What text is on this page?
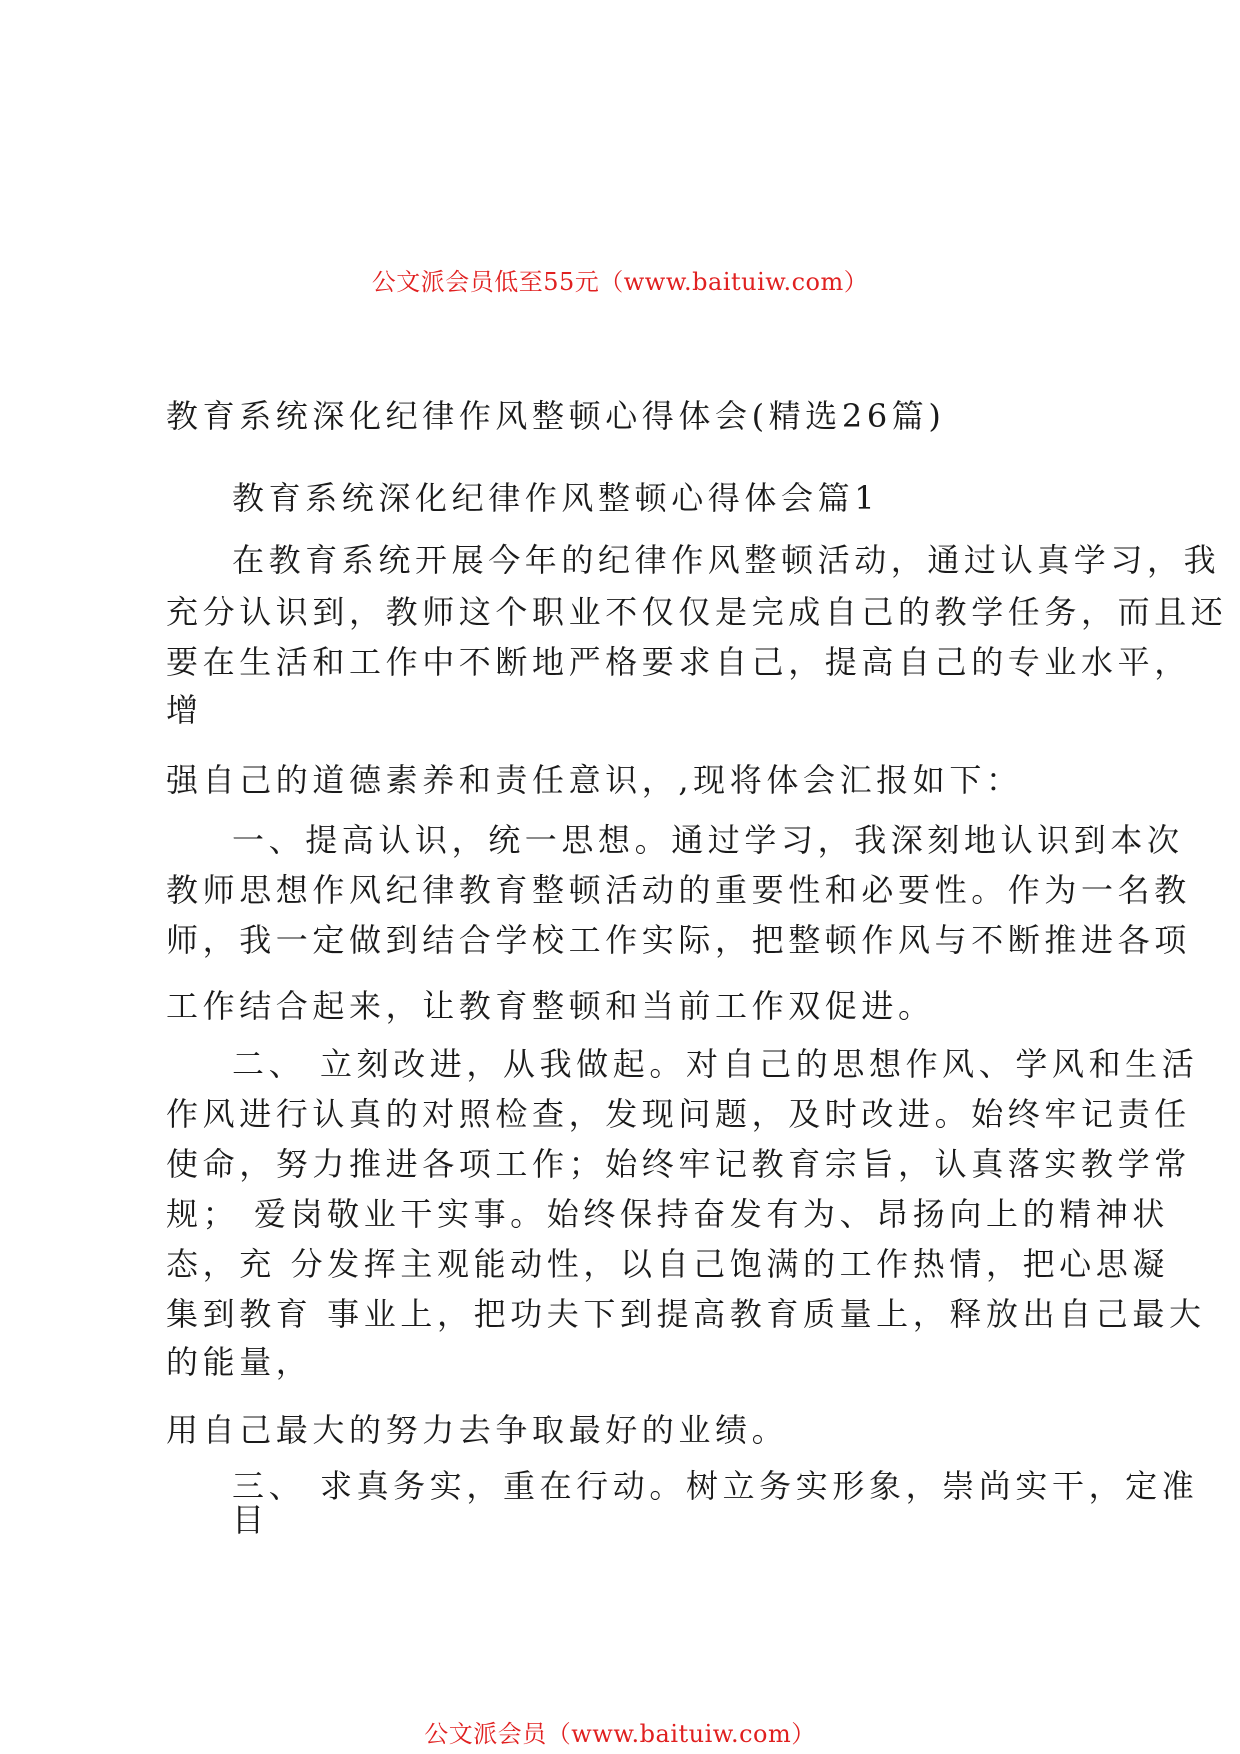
公文派会员低至55元（www.baituiw.com）
教育系统深化纪律作风整顿心得体会(精选26篇)
教育系统深化纪律作风整顿心得体会篇1
在教育系统开展今年的纪律作风整顿活动，通过认真学习，我
充分认识到，教师这个职业不仅仅是完成自己的教学任务，而且还
要在生活和工作中不断地严格要求自己，提高自己的专业水平，
增
强自己的道德素养和责任意识，,现将体会汇报如下：
一、提高认识，统一思想。通过学习，我深刻地认识到本次
教师思想作风纪律教育整顿活动的重要性和必要性。作为一名教
师，我一定做到结合学校工作实际，把整顿作风与不断推进各项
工作结合起来，让教育整顿和当前工作双促进。
二、 立刻改进，从我做起。对自己的思想作风、学风和生活
作风进行认真的对照检查，发现问题，及时改进。始终牢记责任
使命，努力推进各项工作；始终牢记教育宗旨，认真落实教学常
规； 爱岗敬业干实事。始终保持奋发有为、昂扬向上的精神状
态，充 分发挥主观能动性，以自己饱满的工作热情，把心思凝
集到教育 事业上，把功夫下到提高教育质量上，释放出自己最大
的能量，
用自己最大的努力去争取最好的业绩。
三、 求真务实，重在行动。树立务实形象，崇尚实干，定准
目
公文派会员（www.baituiw.com）
